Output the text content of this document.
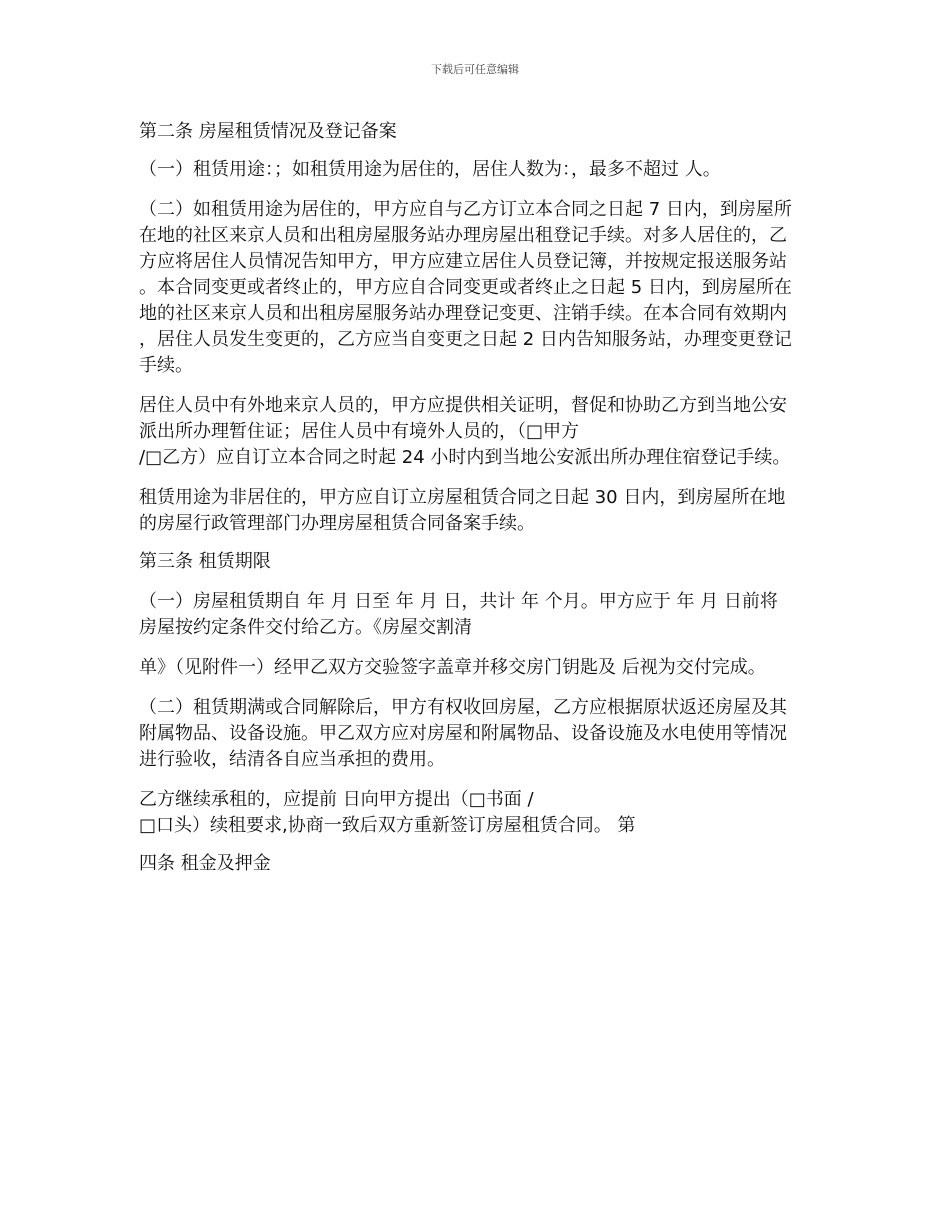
下载后可任意编辑

第二条 房屋租赁情况及登记备案

（一）租赁用途：；如租赁用途为居住的，居住人数为：，最多不超过 人。

（二）如租赁用途为居住的，甲方应自与乙方订立本合同之日起 7 日内，到房屋所
在地的社区来京人员和出租房屋服务站办理房屋出租登记手续。对多人居住的，乙
方应将居住人员情况告知甲方，甲方应建立居住人员登记簿，并按规定报送服务站
。本合同变更或者终止的，甲方应自合同变更或者终止之日起 5 日内，到房屋所在
地的社区来京人员和出租房屋服务站办理登记变更、注销手续。在本合同有效期内
，居住人员发生变更的，乙方应当自变更之日起 2 日内告知服务站，办理变更登记
手续。

居住人员中有外地来京人员的，甲方应提供相关证明，督促和协助乙方到当地公安
派出所办理暂住证；居住人员中有境外人员的，（□甲方
/□乙方）应自订立本合同之时起 24 小时内到当地公安派出所办理住宿登记手续。

租赁用途为非居住的，甲方应自订立房屋租赁合同之日起 30 日内，到房屋所在地
的房屋行政管理部门办理房屋租赁合同备案手续。

第三条 租赁期限

（一）房屋租赁期自 年 月 日至 年 月 日，共计 年 个月。甲方应于 年 月 日前将
房屋按约定条件交付给乙方。《房屋交割清

单》（见附件一）经甲乙双方交验签字盖章并移交房门钥匙及 后视为交付完成。

（二）租赁期满或合同解除后，甲方有权收回房屋，乙方应根据原状返还房屋及其
附属物品、设备设施。甲乙双方应对房屋和附属物品、设备设施及水电使用等情况
进行验收，结清各自应当承担的费用。

乙方继续承租的，应提前 日向甲方提出（□书面 /
□口头）续租要求,协商一致后双方重新签订房屋租赁合同。 第

四条 租金及押金
